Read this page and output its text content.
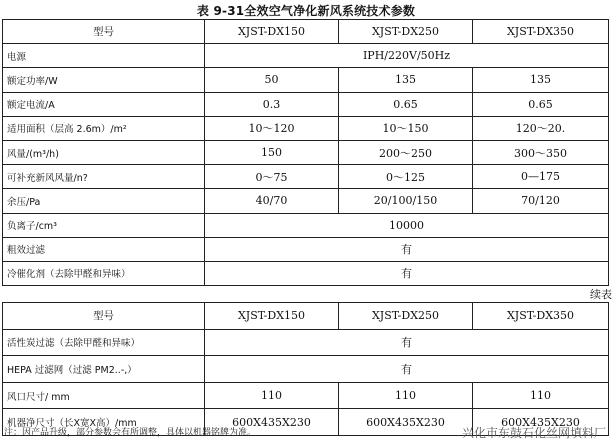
表 9-31全效空气净化新风系统技术参数
型号	XJST-DX150	XJST-DX250	XJST-DX350
电源	IPH/220V/50Hz		
额定功率/W	50	135	135
额定电流/A	0.3	0.65	0.65
适用面积（层高 2.6m）/m²	10～120	10～150	120～20.
风量/(m³/h)	150	200～250	300～350
可补充新风风量/n?	0～75	0～125	0—175
余压/Pa	40/70	20/100/150	70/120
负离子/cm³	10000		
粗效过滤	有		
冷催化剂（去除甲醛和异味）	有		
续表
型号	XJST-DX150	XJST-DX250	XJST-DX350
活性炭过滤（去除甲醛和异味）	有		
HEPA 过滤网（过滤 PM2..-,）	有		
风口尺寸/ mm	110	110	110
机器净尺寸（长X宽X高）/mm	600X435X230	600X435X230	600X435X230
注：因产品升级，部分参数会有所调整，具体以机器铭牌为准。	兴化市东鼓石化丝网填料厂
